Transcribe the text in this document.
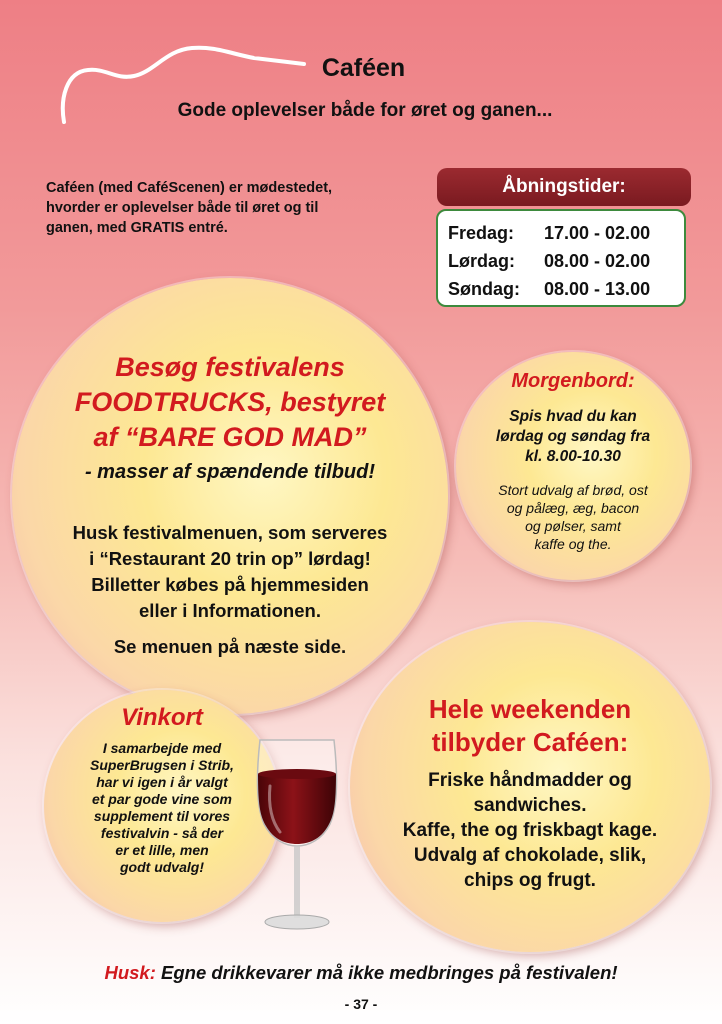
Caféen
Gode oplevelser både for øret og ganen...
Caféen (med CaféScenen) er mødestedet,
hvorder er oplevelser både til øret og til
ganen, med GRATIS entré.
Åbningstider:
Fredag:	17.00 - 02.00
Lørdag:	08.00 - 02.00
Søndag:	08.00 - 13.00
Besøg festivalens
FOODTRUCKS, bestyret
af “BARE GOD MAD”
- masser af spændende tilbud!
Husk festivalmenuen, som serveres
i “Restaurant 20 trin op” lørdag!
Billetter købes på hjemmesiden
eller i Informationen.
Se menuen på næste side.
Morgenbord:
Spis hvad du kan
lørdag og søndag fra
kl. 8.00-10.30
Stort udvalg af brød, ost
og pålæg, æg, bacon
og pølser, samt
kaffe og the.
Hele weekenden
tilbyder Caféen:
Friske håndmadder og
sandwiches.
Kaffe, the og friskbagt kage.
Udvalg af chokolade, slik,
chips og frugt.
Vinkort
I samarbejde med
SuperBrugsen i Strib,
har vi igen i år valgt
et par gode vine som
supplement til vores
festivalvin - så der
er et lille, men
godt udvalg!
Husk: Egne drikkevarer må ikke medbringes på festivalen!
- 37 -
